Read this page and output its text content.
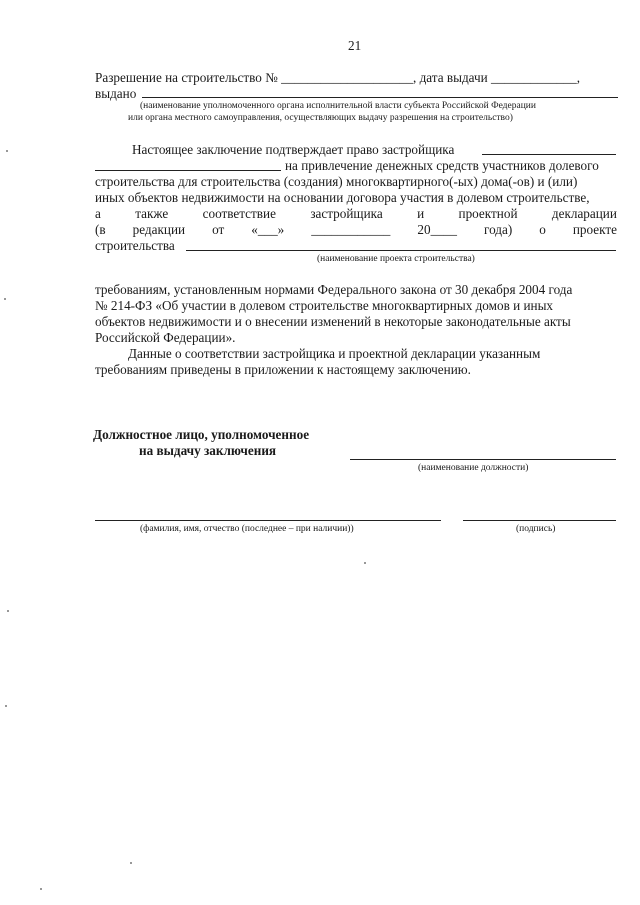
21
Разрешение на строительство № ____________________, дата выдачи _____________,
выдано
(наименование уполномоченного органа исполнительной власти субъекта Российской Федерации
или органа местного самоуправления, осуществляющих выдачу разрешения на строительство)
Настоящее заключение подтверждает право застройщика
на привлечение денежных средств участников долевого
строительства для строительства (создания) многоквартирного(-ых) дома(-ов) и (или)
иных объектов недвижимости на основании договора участия в долевом строительстве,
а	также	соответствие	застройщика	и	проектной	декларации
(в редакции от «___» ____________ 20____ года) о проекте
строительства
(наименование проекта строительства)
требованиям, установленным нормами Федерального закона от 30 декабря 2004 года
№ 214-ФЗ «Об участии в долевом строительстве многоквартирных домов и иных
объектов недвижимости и о внесении изменений в некоторые законодательные акты
Российской Федерации».
Данные о соответствии застройщика и проектной декларации указанным
требованиям приведены в приложении к настоящему заключению.
Должностное лицо, уполномоченное
на выдачу заключения
(наименование должности)
(фамилия, имя, отчество (последнее – при наличии))	(подпись)
